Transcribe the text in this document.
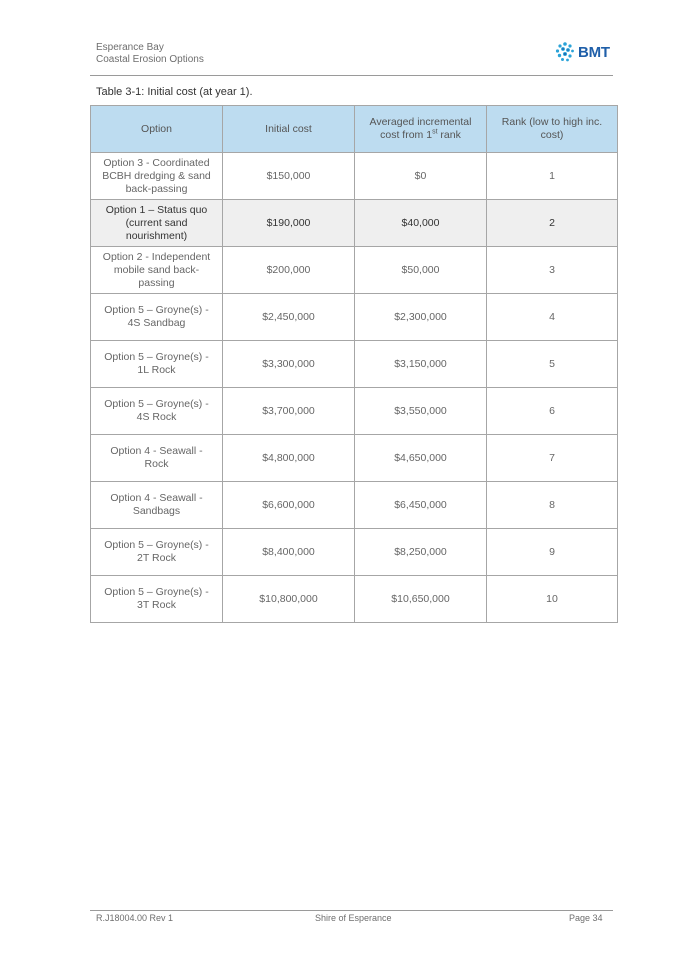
Esperance Bay
Coastal Erosion Options	BMT
Table 3-1: Initial cost (at year 1).
Option	Initial cost	Averaged incremental cost from 1st rank	Rank (low to high inc. cost)
Option 3 - Coordinated BCBH dredging & sand back-passing	$150,000	$0	1
Option 1 – Status quo (current sand nourishment)	$190,000	$40,000	2
Option 2 - Independent mobile sand back-passing	$200,000	$50,000	3
Option 5 – Groyne(s) - 4S Sandbag	$2,450,000	$2,300,000	4
Option 5 – Groyne(s) - 1L Rock	$3,300,000	$3,150,000	5
Option 5 – Groyne(s) - 4S Rock	$3,700,000	$3,550,000	6
Option 4 - Seawall - Rock	$4,800,000	$4,650,000	7
Option 4 - Seawall - Sandbags	$6,600,000	$6,450,000	8
Option 5 – Groyne(s) - 2T Rock	$8,400,000	$8,250,000	9
Option 5 – Groyne(s) - 3T Rock	$10,800,000	$10,650,000	10
R.J18004.00 Rev 1	Shire of Esperance	Page 34
